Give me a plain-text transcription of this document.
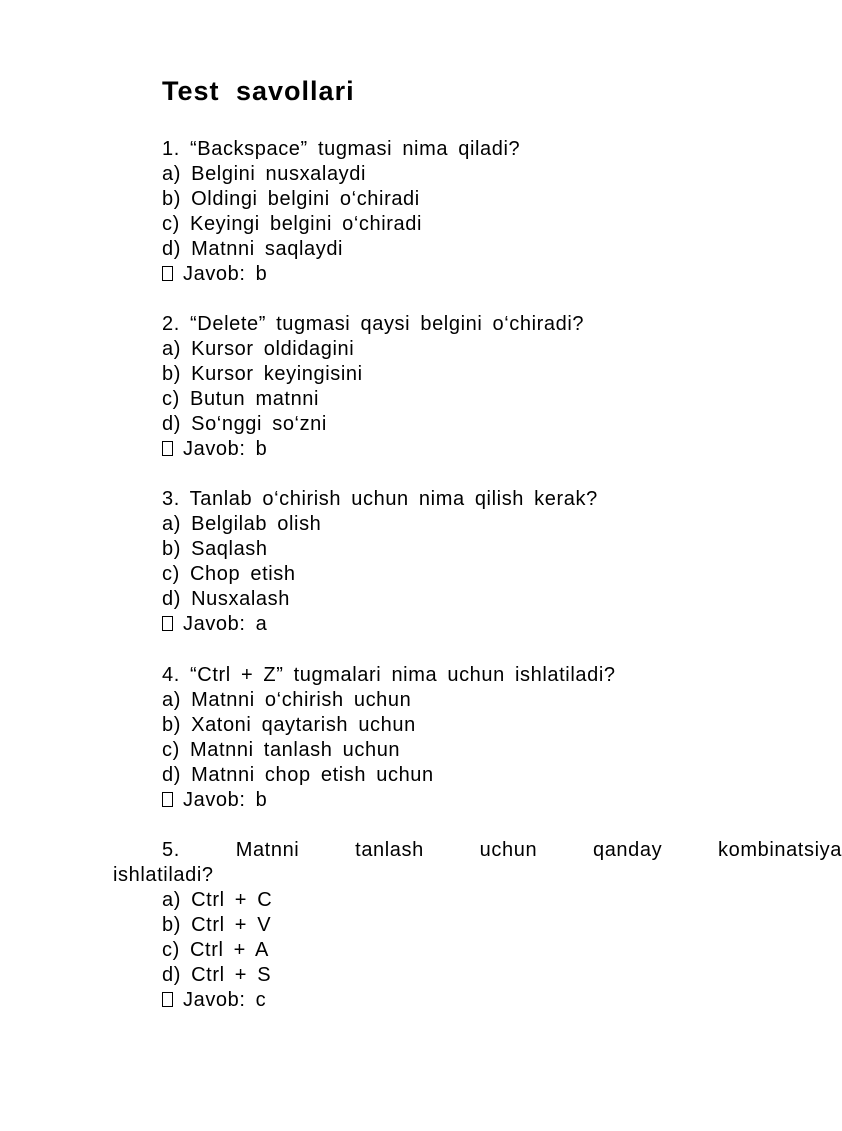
Test savollari
1. “Backspace” tugmasi nima qiladi?
a) Belgini nusxalaydi
b) Oldingi belgini o‘chiradi
c) Keyingi belgini o‘chiradi
d) Matnni saqlaydi
Javob: b
2. “Delete” tugmasi qaysi belgini o‘chiradi?
a) Kursor oldidagini
b) Kursor keyingisini
c) Butun matnni
d) So‘nggi so‘zni
Javob: b
3. Tanlab o‘chirish uchun nima qilish kerak?
a) Belgilab olish
b) Saqlash
c) Chop etish
d) Nusxalash
Javob: a
4. “Ctrl + Z” tugmalari nima uchun ishlatiladi?
a) Matnni o‘chirish uchun
b) Xatoni qaytarish uchun
c) Matnni tanlash uchun
d) Matnni chop etish uchun
Javob: b
5.	Matnni	tanlash	uchun	qanday	kombinatsiya
ishlatiladi?
a) Ctrl + C
b) Ctrl + V
c) Ctrl + A
d) Ctrl + S
Javob: c
